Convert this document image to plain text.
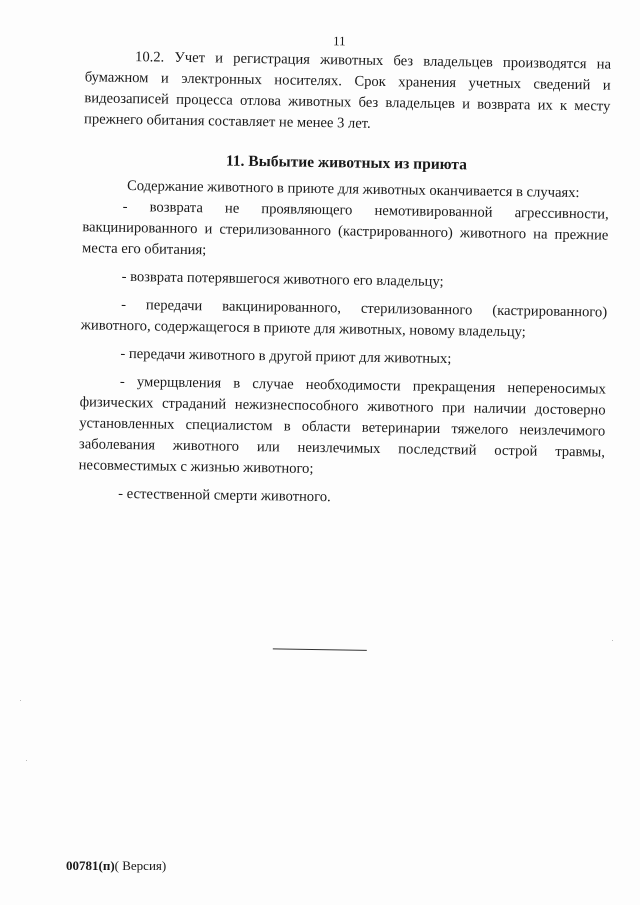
11

10.2. Учет и регистрация животных без владельцев производятся на бумажном и электронных носителях. Срок хранения учетных сведений и видеозаписей процесса отлова животных без владельцев и возврата их к месту прежнего обитания составляет не менее 3 лет.

11. Выбытие животных из приюта

Содержание животного в приюте для животных оканчивается в случаях:

- возврата не проявляющего немотивированной агрессивности, вакцинированного и стерилизованного (кастрированного) животного на прежние места его обитания;

- возврата потерявшегося животного его владельцу;

- передачи вакцинированного, стерилизованного (кастрированного) животного, содержащегося в приюте для животных, новому владельцу;

- передачи животного в другой приют для животных;

- умерщвления в случае необходимости прекращения непереносимых физических страданий нежизнеспособного животного при наличии достоверно установленных специалистом в области ветеринарии тяжелого неизлечимого заболевания животного или неизлечимых последствий острой травмы, несовместимых с жизнью животного;

- естественной смерти животного.

00781(п)( Версия)
